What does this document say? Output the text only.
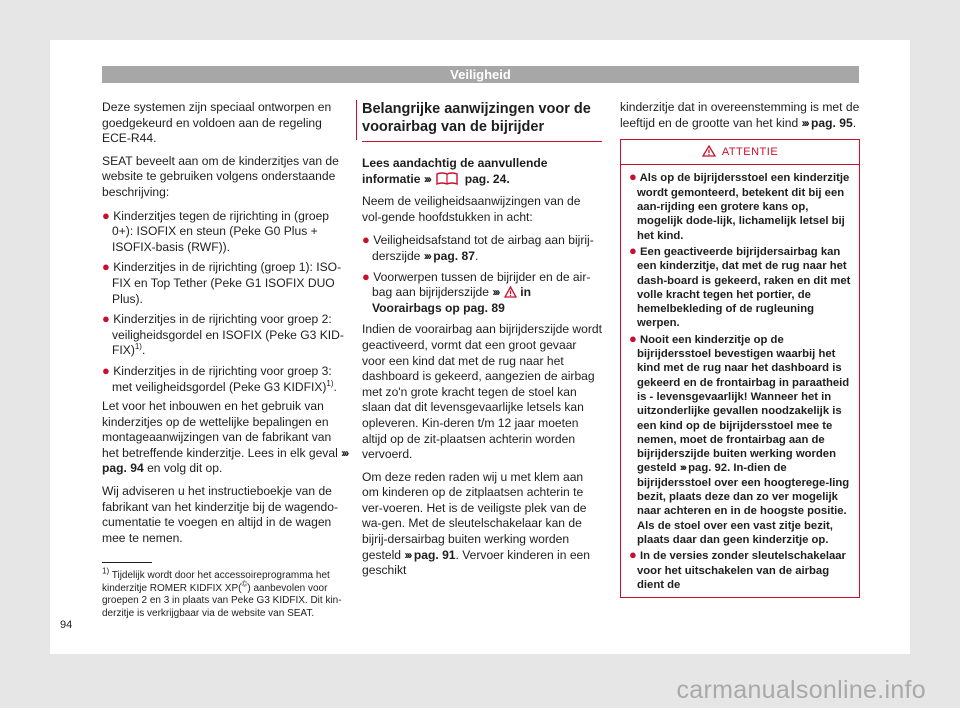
Veiligheid

Deze systemen zijn speciaal ontworpen en goedgekeurd en voldoen aan de regeling ECE-R44.

SEAT beveelt aan om de kinderzitjes van de website te gebruiken volgens onderstaande beschrijving:

● Kinderzitjes tegen de rijrichting in (groep 0+): ISOFIX en steun (Peke G0 Plus + ISOFIX-basis (RWF)).
● Kinderzitjes in de rijrichting (groep 1): ISO-FIX en Top Tether (Peke G1 ISOFIX DUO Plus).
● Kinderzitjes in de rijrichting voor groep 2: veiligheidsgordel en ISOFIX (Peke G3 KID-FIX)$^{1)}$.
● Kinderzitjes in de rijrichting voor groep 3: met veiligheidsgordel (Peke G3 KIDFIX)$^{1)}$.

Let voor het inbouwen en het gebruik van kinderzitjes op de wettelijke bepalingen en montageaanwijzingen van de fabrikant van het betreffende kinderzitje. Lees in elk geval ››› pag. 94 en volg dit op.

Wij adviseren u het instructieboekje van de fabrikant van het kinderzitje bij de wagendo-cumentatie te voegen en altijd in de wagen mee te nemen.

Belangrijke aanwijzingen voor de voorairbag van de bijrijder

Lees aandachtig de aanvullende informatie ›››	pag. 24.

Neem de veiligheidsaanwijzingen van de vol-gende hoofdstukken in acht:

● Veiligheidsafstand tot de airbag aan bijrij-derszijde ››› pag. 87.
● Voorwerpen tussen de bijrijder en de air-bag aan bijrijderszijde ››› in Voorairbags op pag. 89

Indien de voorairbag aan bijrijderszijde wordt geactiveerd, vormt dat een groot gevaar voor een kind dat met de rug naar het dashboard is gekeerd, aangezien de airbag met zo'n grote kracht tegen de stoel kan slaan dat dit levensgevaarlijke letsels kan opleveren. Kin-deren t/m 12 jaar moeten altijd op de zit-plaatsen achterin worden vervoerd.

Om deze reden raden wij u met klem aan om kinderen op de zitplaatsen achterin te ver-voeren. Het is de veiligste plek van de wa-gen. Met de sleutelschakelaar kan de bijrij-dersairbag buiten werking worden gesteld ››› pag. 91. Vervoer kinderen in een geschikt

kinderzitje dat in overeenstemming is met de leeftijd en de grootte van het kind ››› pag. 95.

ATTENTIE
● Als op de bijrijdersstoel een kinderzitje wordt gemonteerd, betekent dit bij een aan-rijding een grotere kans op, mogelijk dode-lijk, lichamelijk letsel bij het kind.
● Een geactiveerde bijrijdersairbag kan een kinderzitje, dat met de rug naar het dash-board is gekeerd, raken en dit met volle kracht tegen het portier, de hemelbekleding of de rugleuning werpen.
● Nooit een kinderzitje op de bijrijdersstoel bevestigen waarbij het kind met de rug naar het dashboard is gekeerd en de frontairbag in paraatheid is - levensgevaarlijk! Wanneer het in uitzonderlijke gevallen noodzakelijk is een kind op de bijrijdersstoel mee te nemen, moet de frontairbag aan de bijrijderszijde buiten werking worden gesteld ››› pag. 92. In-dien de bijrijdersstoel over een hoogterege-ling bezit, plaats deze dan zo ver mogelijk naar achteren en in de hoogste positie. Als de stoel over een vast zitje bezit, plaats daar dan geen kinderzitje op.
● In de versies zonder sleutelschakelaar voor het uitschakelen van de airbag dient de
$^{1)}$ Tijdelijk wordt door het accessoireprogramma het kinderzitje ROMER KIDFIX XP(©) aanbevolen voor groepen 2 en 3 in plaats van Peke G3 KIDFIX. Dit kin-derzitje is verkrijgbaar via de website van SEAT.
94
carmanualsonline.info
